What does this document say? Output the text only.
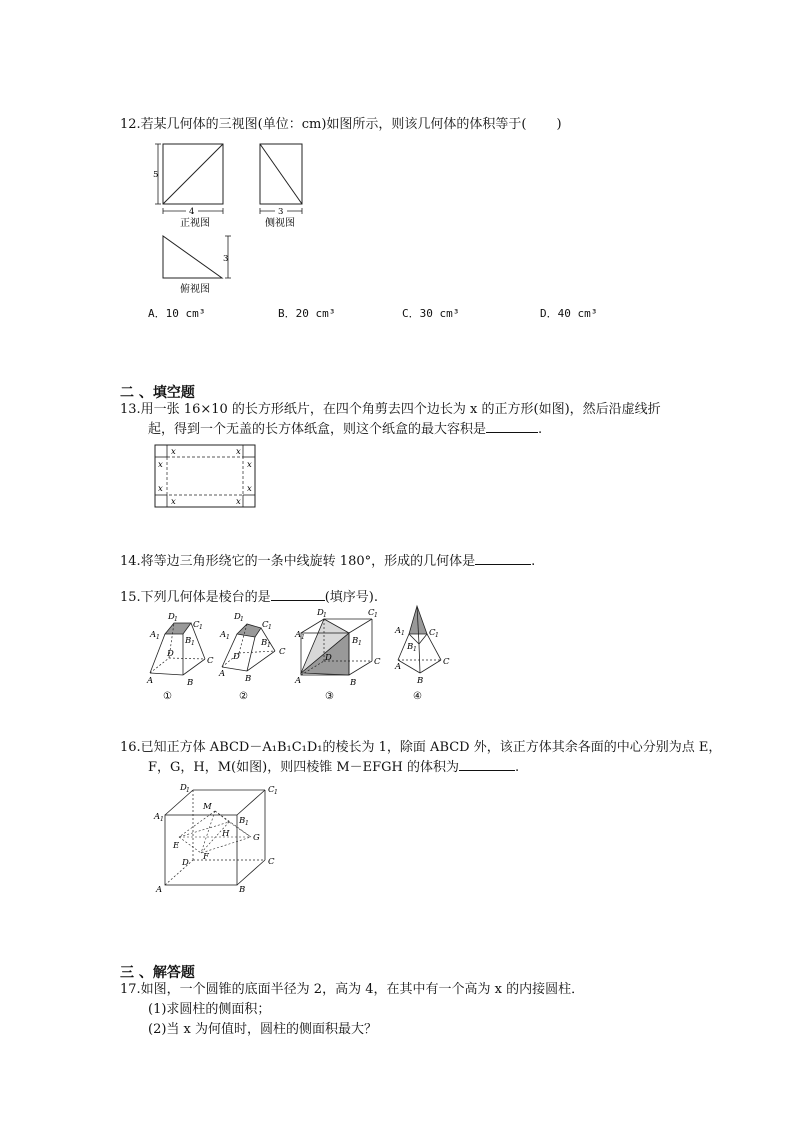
12.若某几何体的三视图(单位：cm)如图所示，则该几何体的体积等于( )
5
4
正视图
3
侧视图
3
俯视图
A．10 cm³	B．20 cm³	C．30 cm³	D．40 cm³
二 、填空题
13.用一张 16×10 的长方形纸片，在四个角剪去四个边长为 x 的正方形(如图)，然后沿虚线折
起，得到一个无盖的长方体纸盒，则这个纸盒的最大容积是	.
x	x
x	x
x	x
x	x
14.将等边三角形绕它的一条中线旋转 180°，形成的几何体是	.
15.下列几何体是棱台的是	(填序号).
D 1
C 1
A 1	B 1
D
C
A	B
①
D 1
C 1
A 1
B 1
D	C
A B
②
D 1	C 1
A 1	B 1
D	C
A	B
③
A 1	C 1
B 1
A	C
B
④
16.已知正方体 ABCD－A₁B₁C₁D₁的棱长为 1，除面 ABCD 外，该正方体其余各面的中心分别为点 E，
F，G，H，M(如图)，则四棱锥 M－EFGH 的体积为	.
D 1	C 1
A 1	B 1
M
H	G
E
F
D	C
A	B
三 、解答题
17.如图，一个圆锥的底面半径为 2，高为 4，在其中有一个高为 x 的内接圆柱．
(1)求圆柱的侧面积；
(2)当 x 为何值时，圆柱的侧面积最大？
